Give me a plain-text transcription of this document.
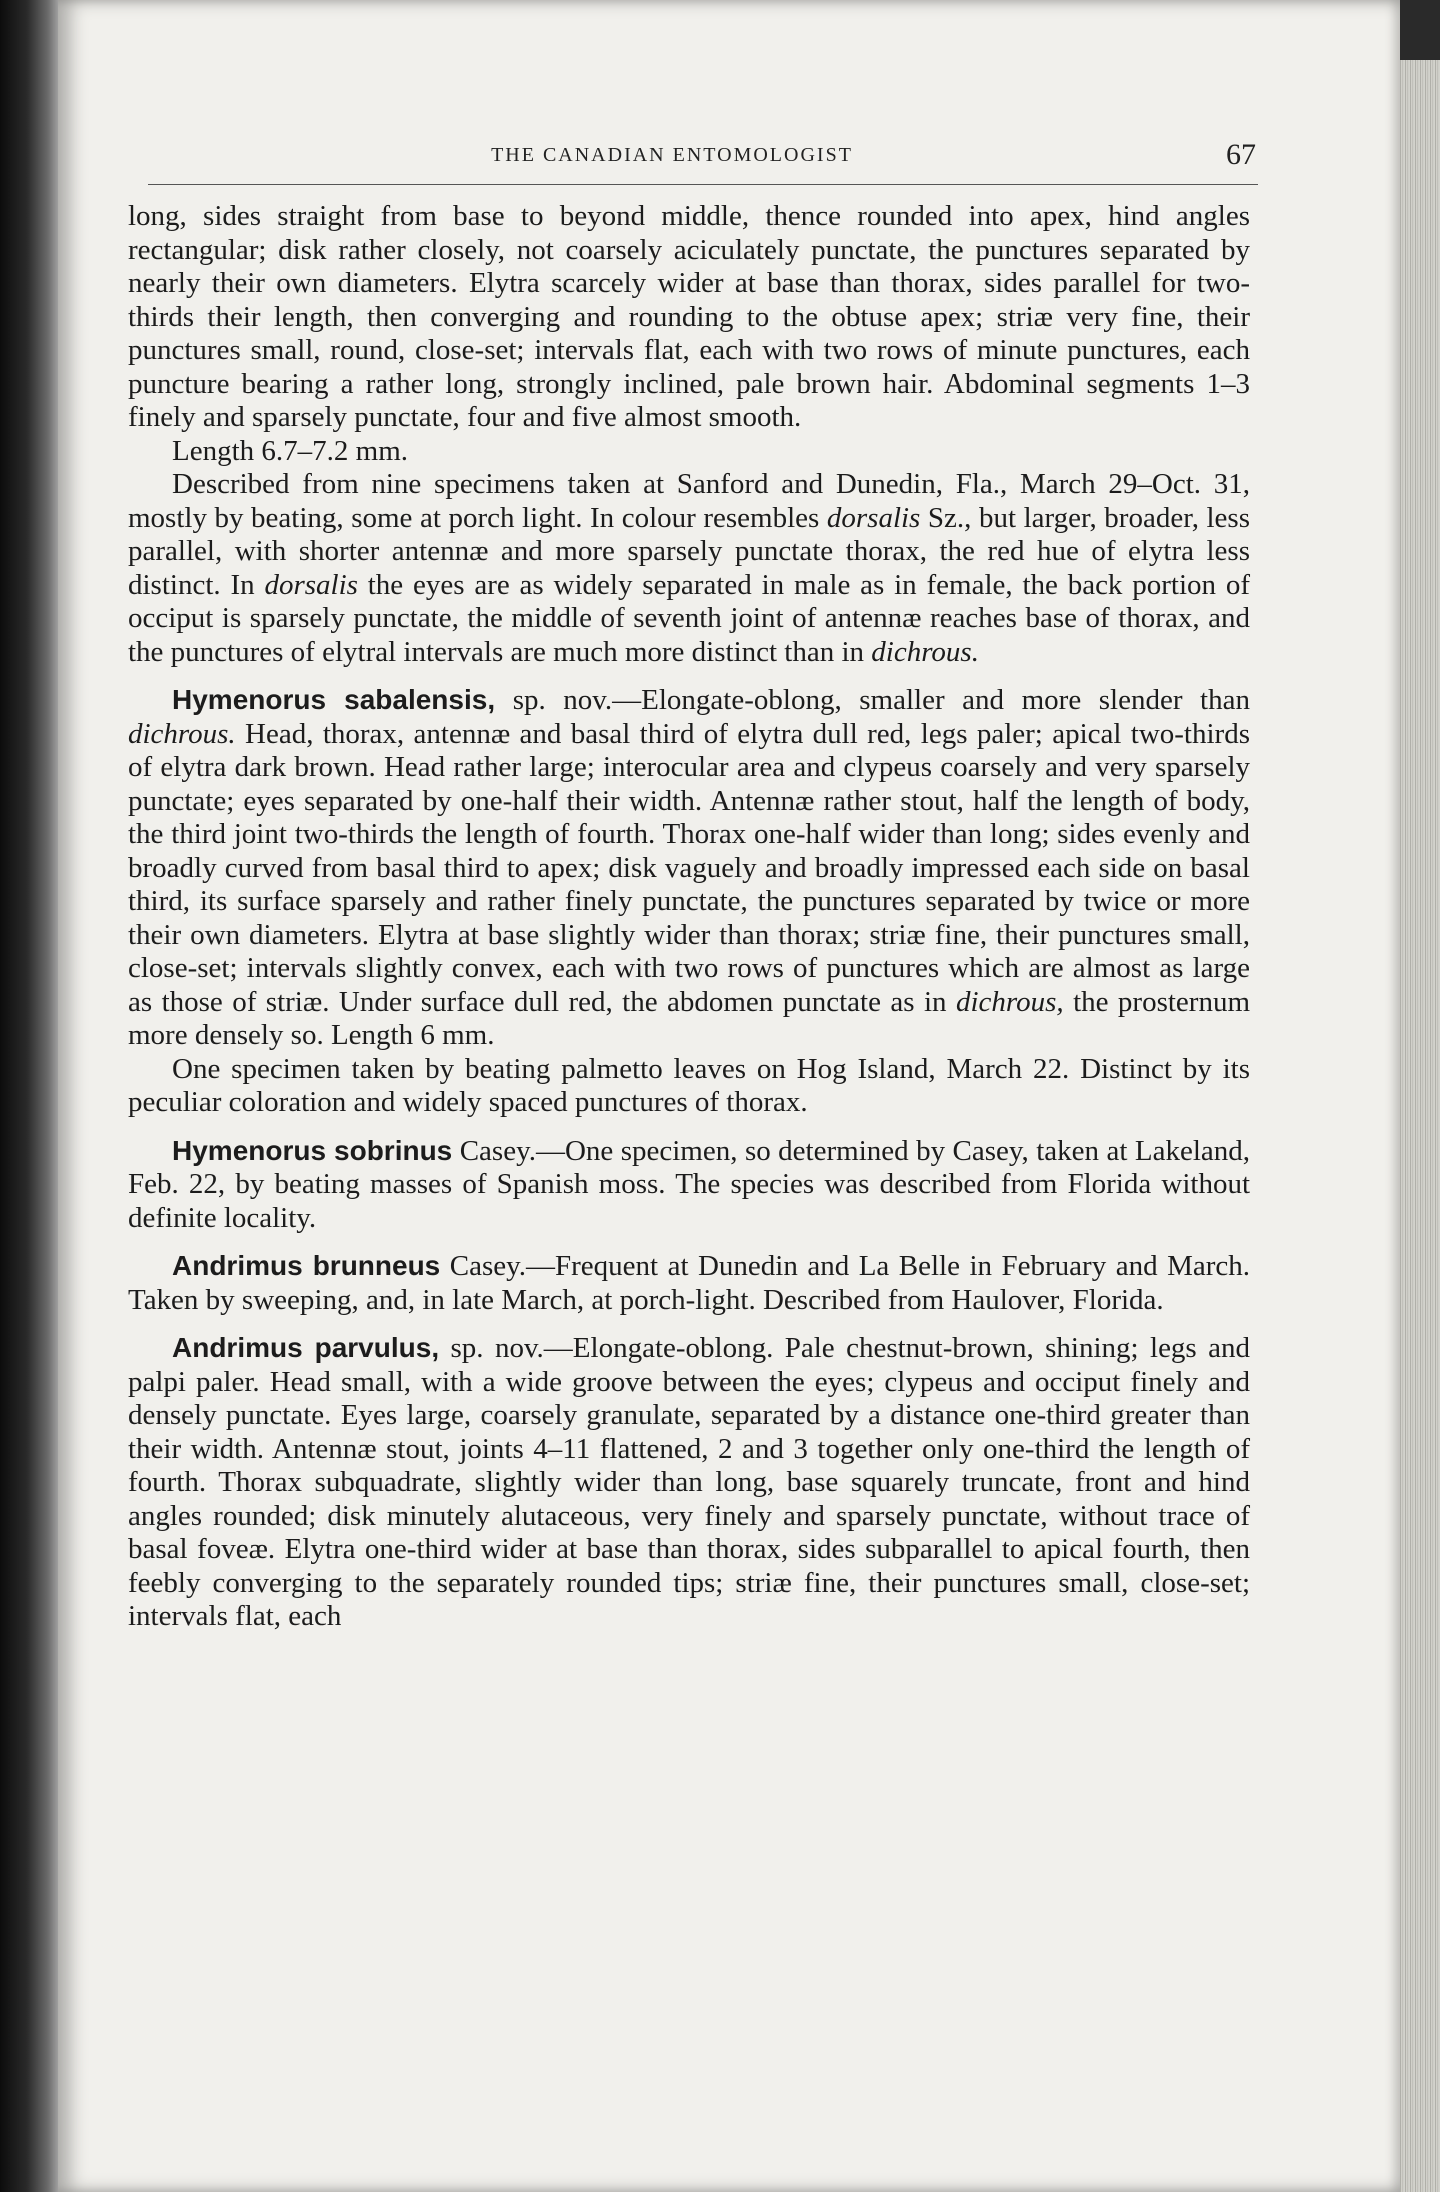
THE CANADIAN ENTOMOLOGIST	67

long, sides straight from base to beyond middle, thence rounded into apex, hind angles rectangular; disk rather closely, not coarsely aciculately punctate, the punctures separated by nearly their own diameters. Elytra scarcely wider at base than thorax, sides parallel for two-thirds their length, then converging and rounding to the obtuse apex; striæ very fine, their punctures small, round, close-set; intervals flat, each with two rows of minute punctures, each puncture bearing a rather long, strongly inclined, pale brown hair. Abdominal segments 1–3 finely and sparsely punctate, four and five almost smooth.

Length 6.7–7.2 mm.

Described from nine specimens taken at Sanford and Dunedin, Fla., March 29–Oct. 31, mostly by beating, some at porch light. In colour resembles dorsalis Sz., but larger, broader, less parallel, with shorter antennæ and more sparsely punctate thorax, the red hue of elytra less distinct. In dorsalis the eyes are as widely separated in male as in female, the back portion of occiput is sparsely punctate, the middle of seventh joint of antennæ reaches base of thorax, and the punctures of elytral intervals are much more distinct than in dichrous.

Hymenorus sabalensis, sp. nov.—Elongate-oblong, smaller and more slender than dichrous. Head, thorax, antennæ and basal third of elytra dull red, legs paler; apical two-thirds of elytra dark brown. Head rather large; interocular area and clypeus coarsely and very sparsely punctate; eyes separated by one-half their width. Antennæ rather stout, half the length of body, the third joint two-thirds the length of fourth. Thorax one-half wider than long; sides evenly and broadly curved from basal third to apex; disk vaguely and broadly impressed each side on basal third, its surface sparsely and rather finely punctate, the punctures separated by twice or more their own diameters. Elytra at base slightly wider than thorax; striæ fine, their punctures small, close-set; intervals slightly convex, each with two rows of punctures which are almost as large as those of striæ. Under surface dull red, the abdomen punctate as in dichrous, the prosternum more densely so. Length 6 mm.

One specimen taken by beating palmetto leaves on Hog Island, March 22. Distinct by its peculiar coloration and widely spaced punctures of thorax.

Hymenorus sobrinus Casey.—One specimen, so determined by Casey, taken at Lakeland, Feb. 22, by beating masses of Spanish moss. The species was described from Florida without definite locality.

Andrimus brunneus Casey.—Frequent at Dunedin and La Belle in February and March. Taken by sweeping, and, in late March, at porch-light. Described from Haulover, Florida.

Andrimus parvulus, sp. nov.—Elongate-oblong. Pale chestnut-brown, shining; legs and palpi paler. Head small, with a wide groove between the eyes; clypeus and occiput finely and densely punctate. Eyes large, coarsely granulate, separated by a distance one-third greater than their width. Antennæ stout, joints 4–11 flattened, 2 and 3 together only one-third the length of fourth. Thorax subquadrate, slightly wider than long, base squarely truncate, front and hind angles rounded; disk minutely alutaceous, very finely and sparsely punctate, without trace of basal foveæ. Elytra one-third wider at base than thorax, sides subparallel to apical fourth, then feebly converging to the separately rounded tips; striæ fine, their punctures small, close-set; intervals flat, each
